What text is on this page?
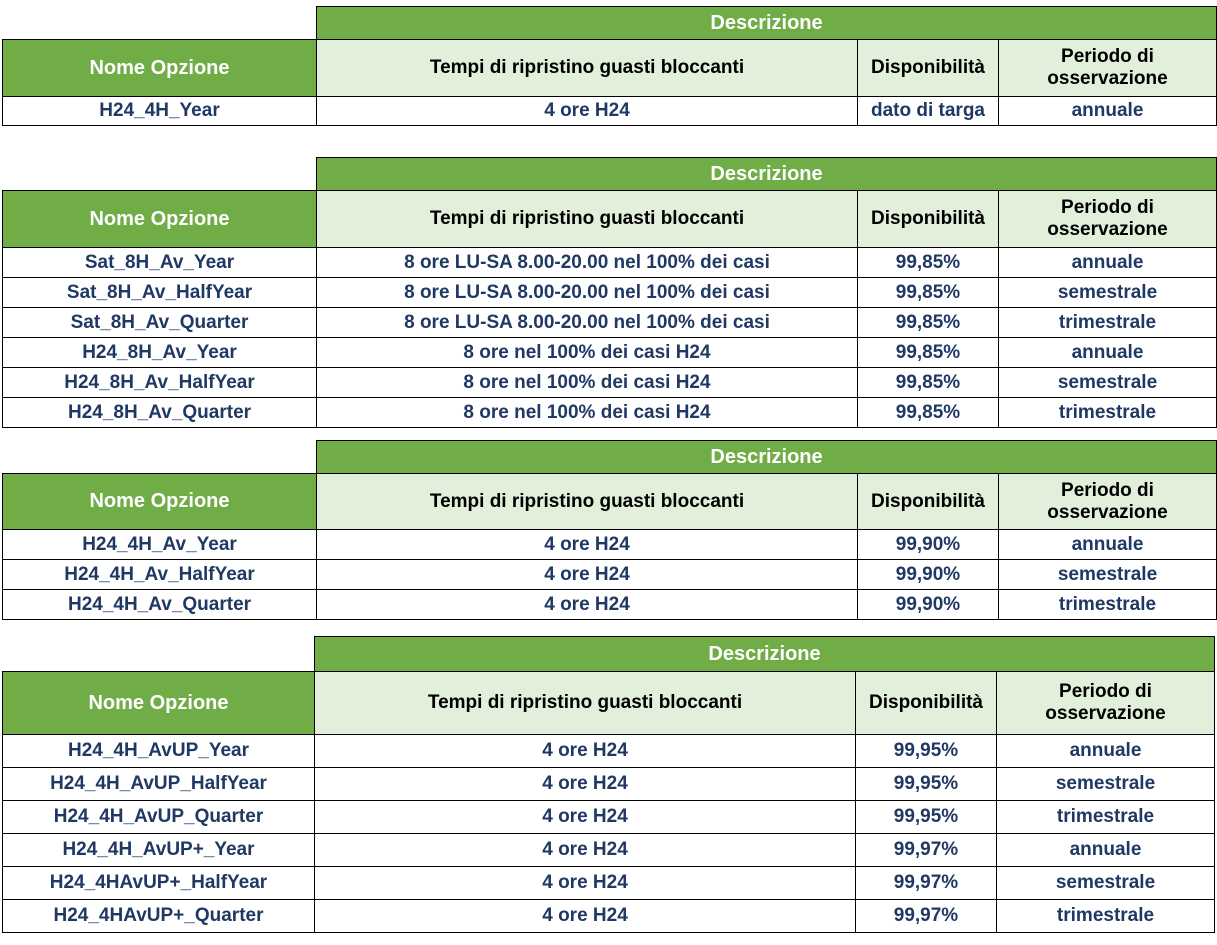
	Descrizione		
Nome Opzione	Tempi di ripristino guasti bloccanti	Disponibilità	Periodo di osservazione
H24_4H_Year	4 ore H24	dato di targa	annuale
	Descrizione		
Nome Opzione	Tempi di ripristino guasti bloccanti	Disponibilità	Periodo di osservazione
Sat_8H_Av_Year	8 ore LU-SA 8.00-20.00 nel 100% dei casi	99,85%	annuale
Sat_8H_Av_HalfYear	8 ore LU-SA 8.00-20.00 nel 100% dei casi	99,85%	semestrale
Sat_8H_Av_Quarter	8 ore LU-SA 8.00-20.00 nel 100% dei casi	99,85%	trimestrale
H24_8H_Av_Year	8 ore nel 100% dei casi H24	99,85%	annuale
H24_8H_Av_HalfYear	8 ore nel 100% dei casi H24	99,85%	semestrale
H24_8H_Av_Quarter	8 ore nel 100% dei casi H24	99,85%	trimestrale
	Descrizione		
Nome Opzione	Tempi di ripristino guasti bloccanti	Disponibilità	Periodo di osservazione
H24_4H_Av_Year	4 ore H24	99,90%	annuale
H24_4H_Av_HalfYear	4 ore H24	99,90%	semestrale
H24_4H_Av_Quarter	4 ore H24	99,90%	trimestrale
	Descrizione		
Nome Opzione	Tempi di ripristino guasti bloccanti	Disponibilità	Periodo di osservazione
H24_4H_AvUP_Year	4 ore H24	99,95%	annuale
H24_4H_AvUP_HalfYear	4 ore H24	99,95%	semestrale
H24_4H_AvUP_Quarter	4 ore H24	99,95%	trimestrale
H24_4H_AvUP+_Year	4 ore H24	99,97%	annuale
H24_4HAvUP+_HalfYear	4 ore H24	99,97%	semestrale
H24_4HAvUP+_Quarter	4 ore H24	99,97%	trimestrale
